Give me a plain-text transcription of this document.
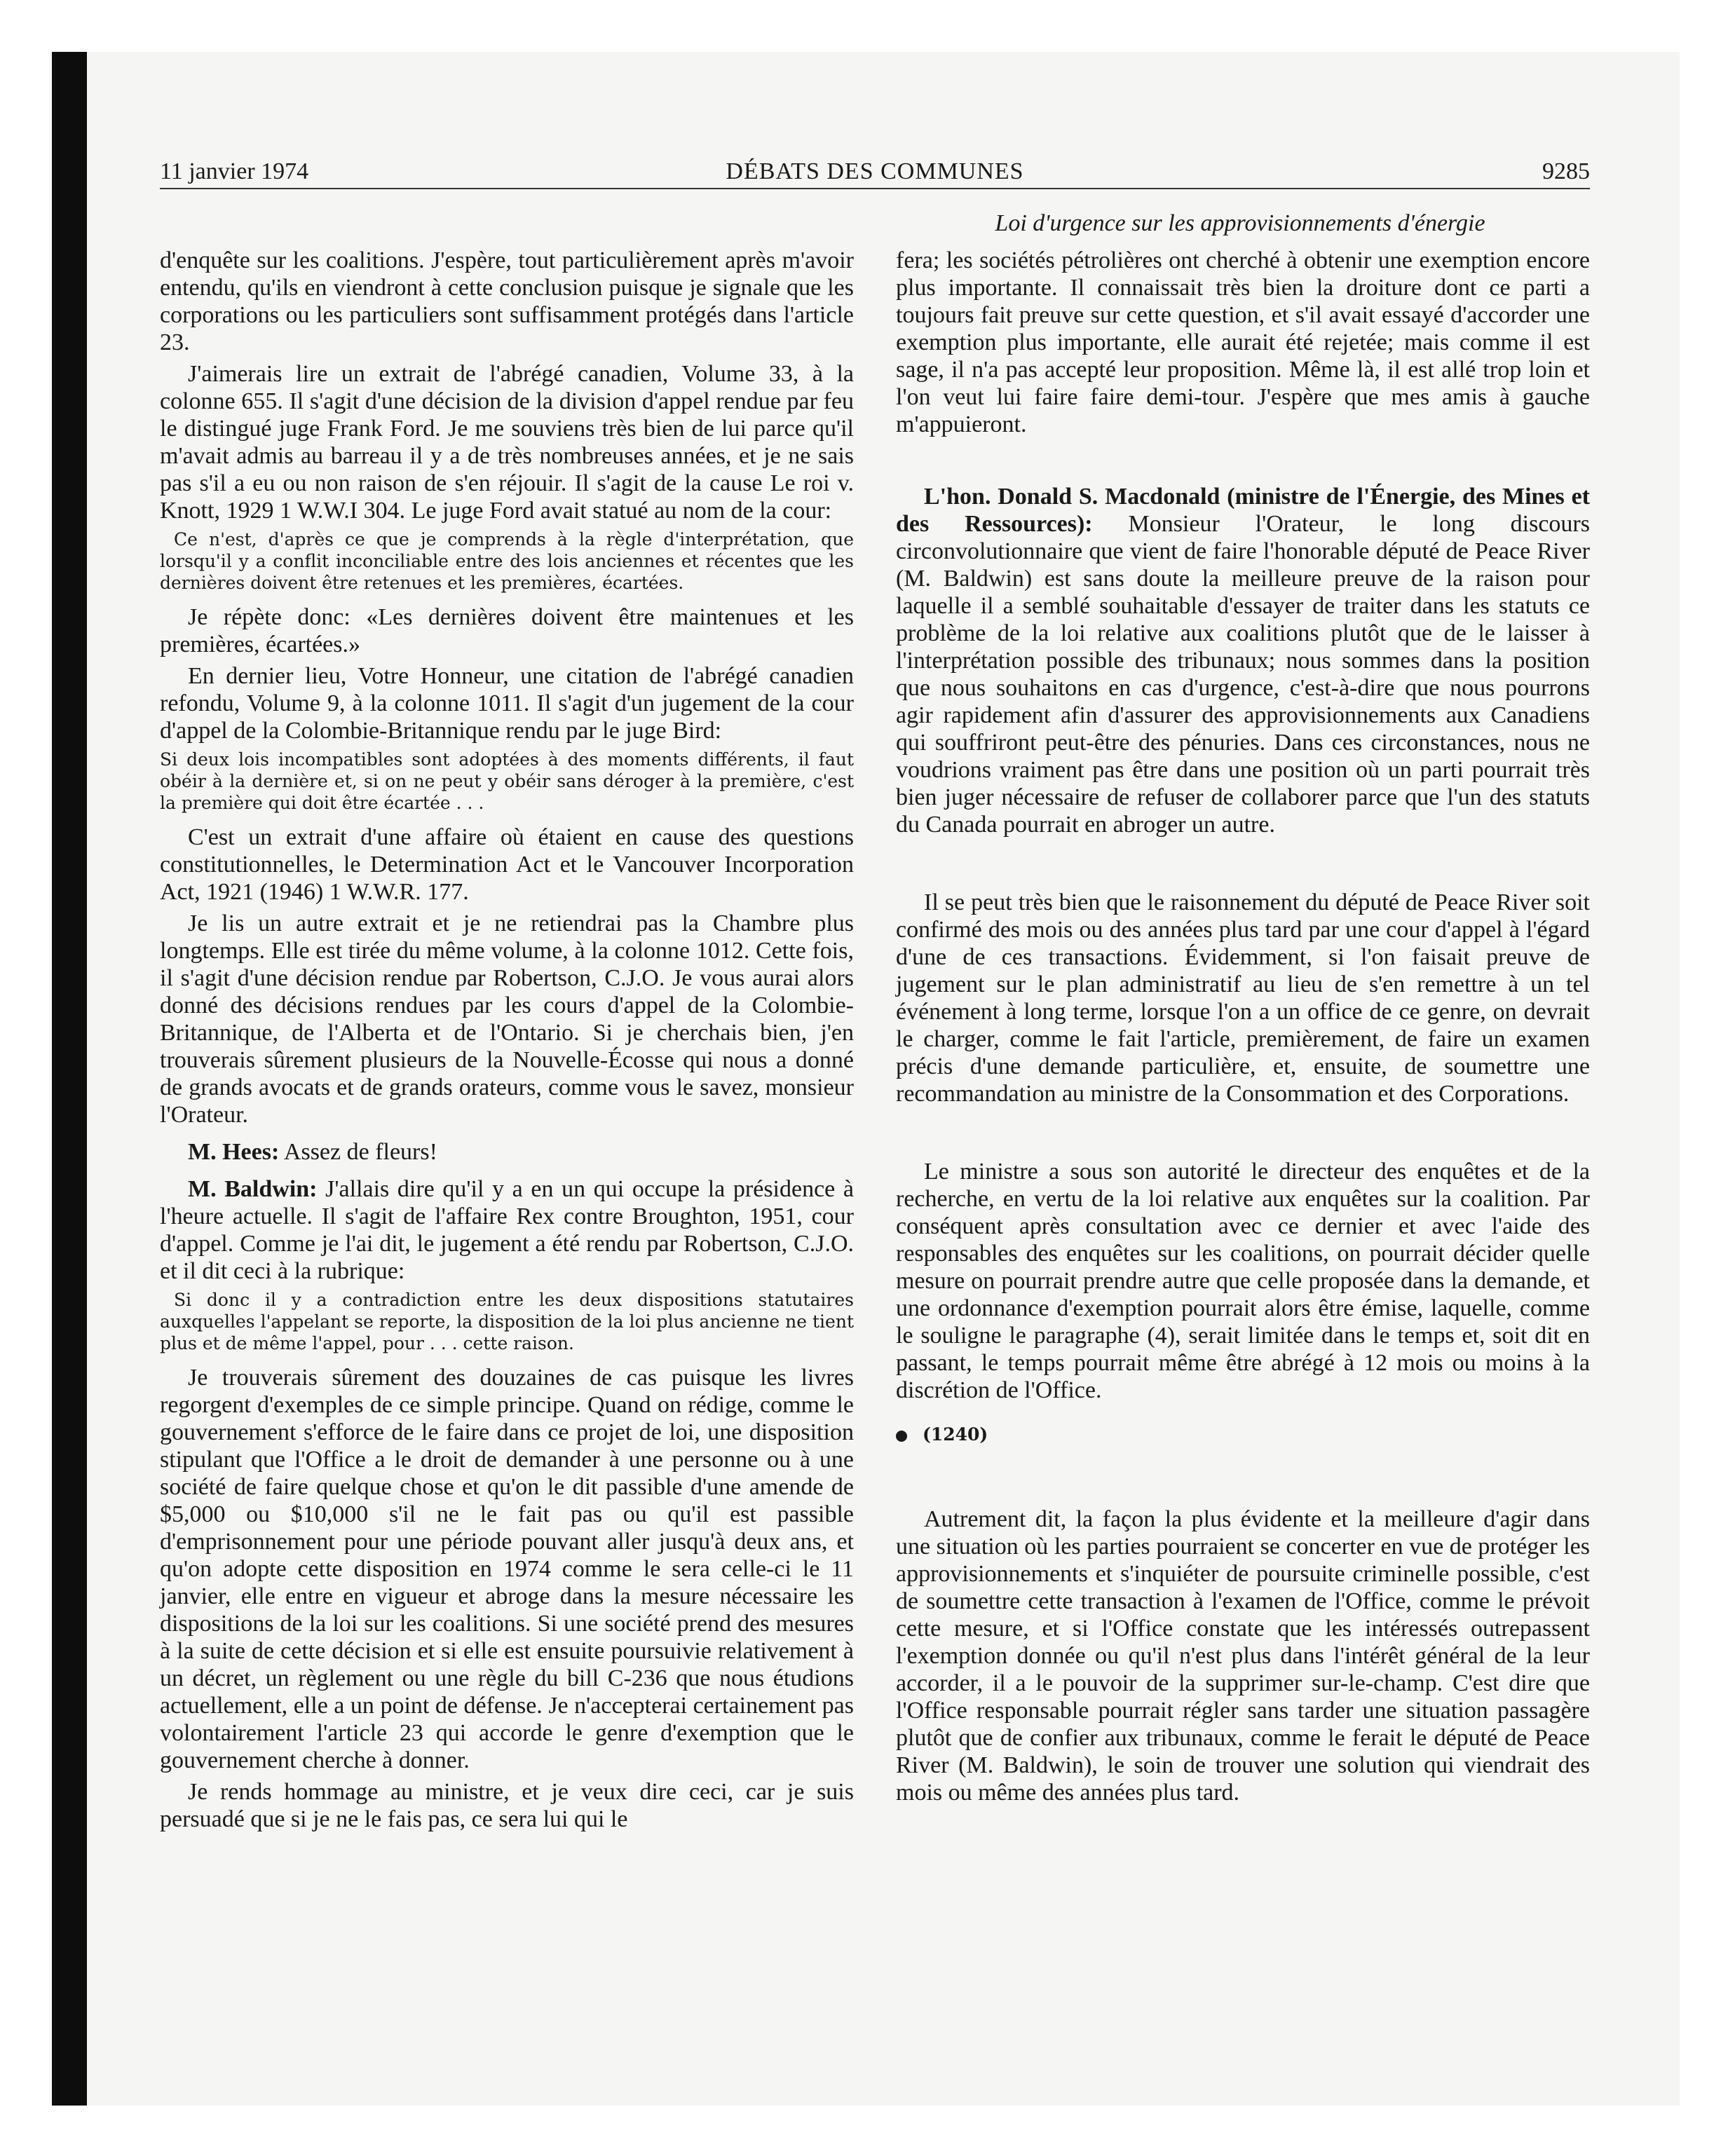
11 janvier 1974	DÉBATS DES COMMUNES	9285
Loi d'urgence sur les approvisionnements d'énergie

d'enquête sur les coalitions. J'espère, tout particulièrement après m'avoir entendu, qu'ils en viendront à cette conclusion puisque je signale que les corporations ou les particuliers sont suffisamment protégés dans l'article 23.

J'aimerais lire un extrait de l'abrégé canadien, Volume 33, à la colonne 655. Il s'agit d'une décision de la division d'appel rendue par feu le distingué juge Frank Ford. Je me souviens très bien de lui parce qu'il m'avait admis au barreau il y a de très nombreuses années, et je ne sais pas s'il a eu ou non raison de s'en réjouir. Il s'agit de la cause Le roi v. Knott, 1929 1 W.W.I 304. Le juge Ford avait statué au nom de la cour:

Ce n'est, d'après ce que je comprends à la règle d'interprétation, que lorsqu'il y a conflit inconciliable entre des lois anciennes et récentes que les dernières doivent être retenues et les premières, écartées.

Je répète donc: «Les dernières doivent être maintenues et les premières, écartées.»

En dernier lieu, Votre Honneur, une citation de l'abrégé canadien refondu, Volume 9, à la colonne 1011. Il s'agit d'un jugement de la cour d'appel de la Colombie-Britannique rendu par le juge Bird:

Si deux lois incompatibles sont adoptées à des moments différents, il faut obéir à la dernière et, si on ne peut y obéir sans déroger à la première, c'est la première qui doit être écartée . . .

C'est un extrait d'une affaire où étaient en cause des questions constitutionnelles, le Determination Act et le Vancouver Incorporation Act, 1921 (1946) 1 W.W.R. 177.

Je lis un autre extrait et je ne retiendrai pas la Chambre plus longtemps. Elle est tirée du même volume, à la colonne 1012. Cette fois, il s'agit d'une décision rendue par Robertson, C.J.O. Je vous aurai alors donné des décisions rendues par les cours d'appel de la Colombie-Britannique, de l'Alberta et de l'Ontario. Si je cherchais bien, j'en trouverais sûrement plusieurs de la Nouvelle-Écosse qui nous a donné de grands avocats et de grands orateurs, comme vous le savez, monsieur l'Orateur.

M. Hees: Assez de fleurs!

M. Baldwin: J'allais dire qu'il y a en un qui occupe la présidence à l'heure actuelle. Il s'agit de l'affaire Rex contre Broughton, 1951, cour d'appel. Comme je l'ai dit, le jugement a été rendu par Robertson, C.J.O. et il dit ceci à la rubrique:

Si donc il y a contradiction entre les deux dispositions statutaires auxquelles l'appelant se reporte, la disposition de la loi plus ancienne ne tient plus et de même l'appel, pour . . . cette raison.

Je trouverais sûrement des douzaines de cas puisque les livres regorgent d'exemples de ce simple principe. Quand on rédige, comme le gouvernement s'efforce de le faire dans ce projet de loi, une disposition stipulant que l'Office a le droit de demander à une personne ou à une société de faire quelque chose et qu'on le dit passible d'une amende de $5,000 ou $10,000 s'il ne le fait pas ou qu'il est passible d'emprisonnement pour une période pouvant aller jusqu'à deux ans, et qu'on adopte cette disposition en 1974 comme le sera celle-ci le 11 janvier, elle entre en vigueur et abroge dans la mesure nécessaire les dispositions de la loi sur les coalitions. Si une société prend des mesures à la suite de cette décision et si elle est ensuite poursuivie relativement à un décret, un règlement ou une règle du bill C-236 que nous étudions actuellement, elle a un point de défense. Je n'accepterai certainement pas volontairement l'article 23 qui accorde le genre d'exemption que le gouvernement cherche à donner.

Je rends hommage au ministre, et je veux dire ceci, car je suis persuadé que si je ne le fais pas, ce sera lui qui le

fera; les sociétés pétrolières ont cherché à obtenir une exemption encore plus importante. Il connaissait très bien la droiture dont ce parti a toujours fait preuve sur cette question, et s'il avait essayé d'accorder une exemption plus importante, elle aurait été rejetée; mais comme il est sage, il n'a pas accepté leur proposition. Même là, il est allé trop loin et l'on veut lui faire faire demi-tour. J'espère que mes amis à gauche m'appuieront.

L'hon. Donald S. Macdonald (ministre de l'Énergie, des Mines et des Ressources): Monsieur l'Orateur, le long discours circonvolutionnaire que vient de faire l'honorable député de Peace River (M. Baldwin) est sans doute la meilleure preuve de la raison pour laquelle il a semblé souhaitable d'essayer de traiter dans les statuts ce problème de la loi relative aux coalitions plutôt que de le laisser à l'interprétation possible des tribunaux; nous sommes dans la position que nous souhaitons en cas d'urgence, c'est-à-dire que nous pourrons agir rapidement afin d'assurer des approvisionnements aux Canadiens qui souffriront peut-être des pénuries. Dans ces circonstances, nous ne voudrions vraiment pas être dans une position où un parti pourrait très bien juger nécessaire de refuser de collaborer parce que l'un des statuts du Canada pourrait en abroger un autre.

Il se peut très bien que le raisonnement du député de Peace River soit confirmé des mois ou des années plus tard par une cour d'appel à l'égard d'une de ces transactions. Évidemment, si l'on faisait preuve de jugement sur le plan administratif au lieu de s'en remettre à un tel événement à long terme, lorsque l'on a un office de ce genre, on devrait le charger, comme le fait l'article, premièrement, de faire un examen précis d'une demande particulière, et, ensuite, de soumettre une recommandation au ministre de la Consommation et des Corporations.

Le ministre a sous son autorité le directeur des enquêtes et de la recherche, en vertu de la loi relative aux enquêtes sur la coalition. Par conséquent après consultation avec ce dernier et avec l'aide des responsables des enquêtes sur les coalitions, on pourrait décider quelle mesure on pourrait prendre autre que celle proposée dans la demande, et une ordonnance d'exemption pourrait alors être émise, laquelle, comme le souligne le paragraphe (4), serait limitée dans le temps et, soit dit en passant, le temps pourrait même être abrégé à 12 mois ou moins à la discrétion de l'Office.

(1240)

Autrement dit, la façon la plus évidente et la meilleure d'agir dans une situation où les parties pourraient se concerter en vue de protéger les approvisionnements et s'inquiéter de poursuite criminelle possible, c'est de soumettre cette transaction à l'examen de l'Office, comme le prévoit cette mesure, et si l'Office constate que les intéressés outrepassent l'exemption donnée ou qu'il n'est plus dans l'intérêt général de la leur accorder, il a le pouvoir de la supprimer sur-le-champ. C'est dire que l'Office responsable pourrait régler sans tarder une situation passagère plutôt que de confier aux tribunaux, comme le ferait le député de Peace River (M. Baldwin), le soin de trouver une solution qui viendrait des mois ou même des années plus tard.
